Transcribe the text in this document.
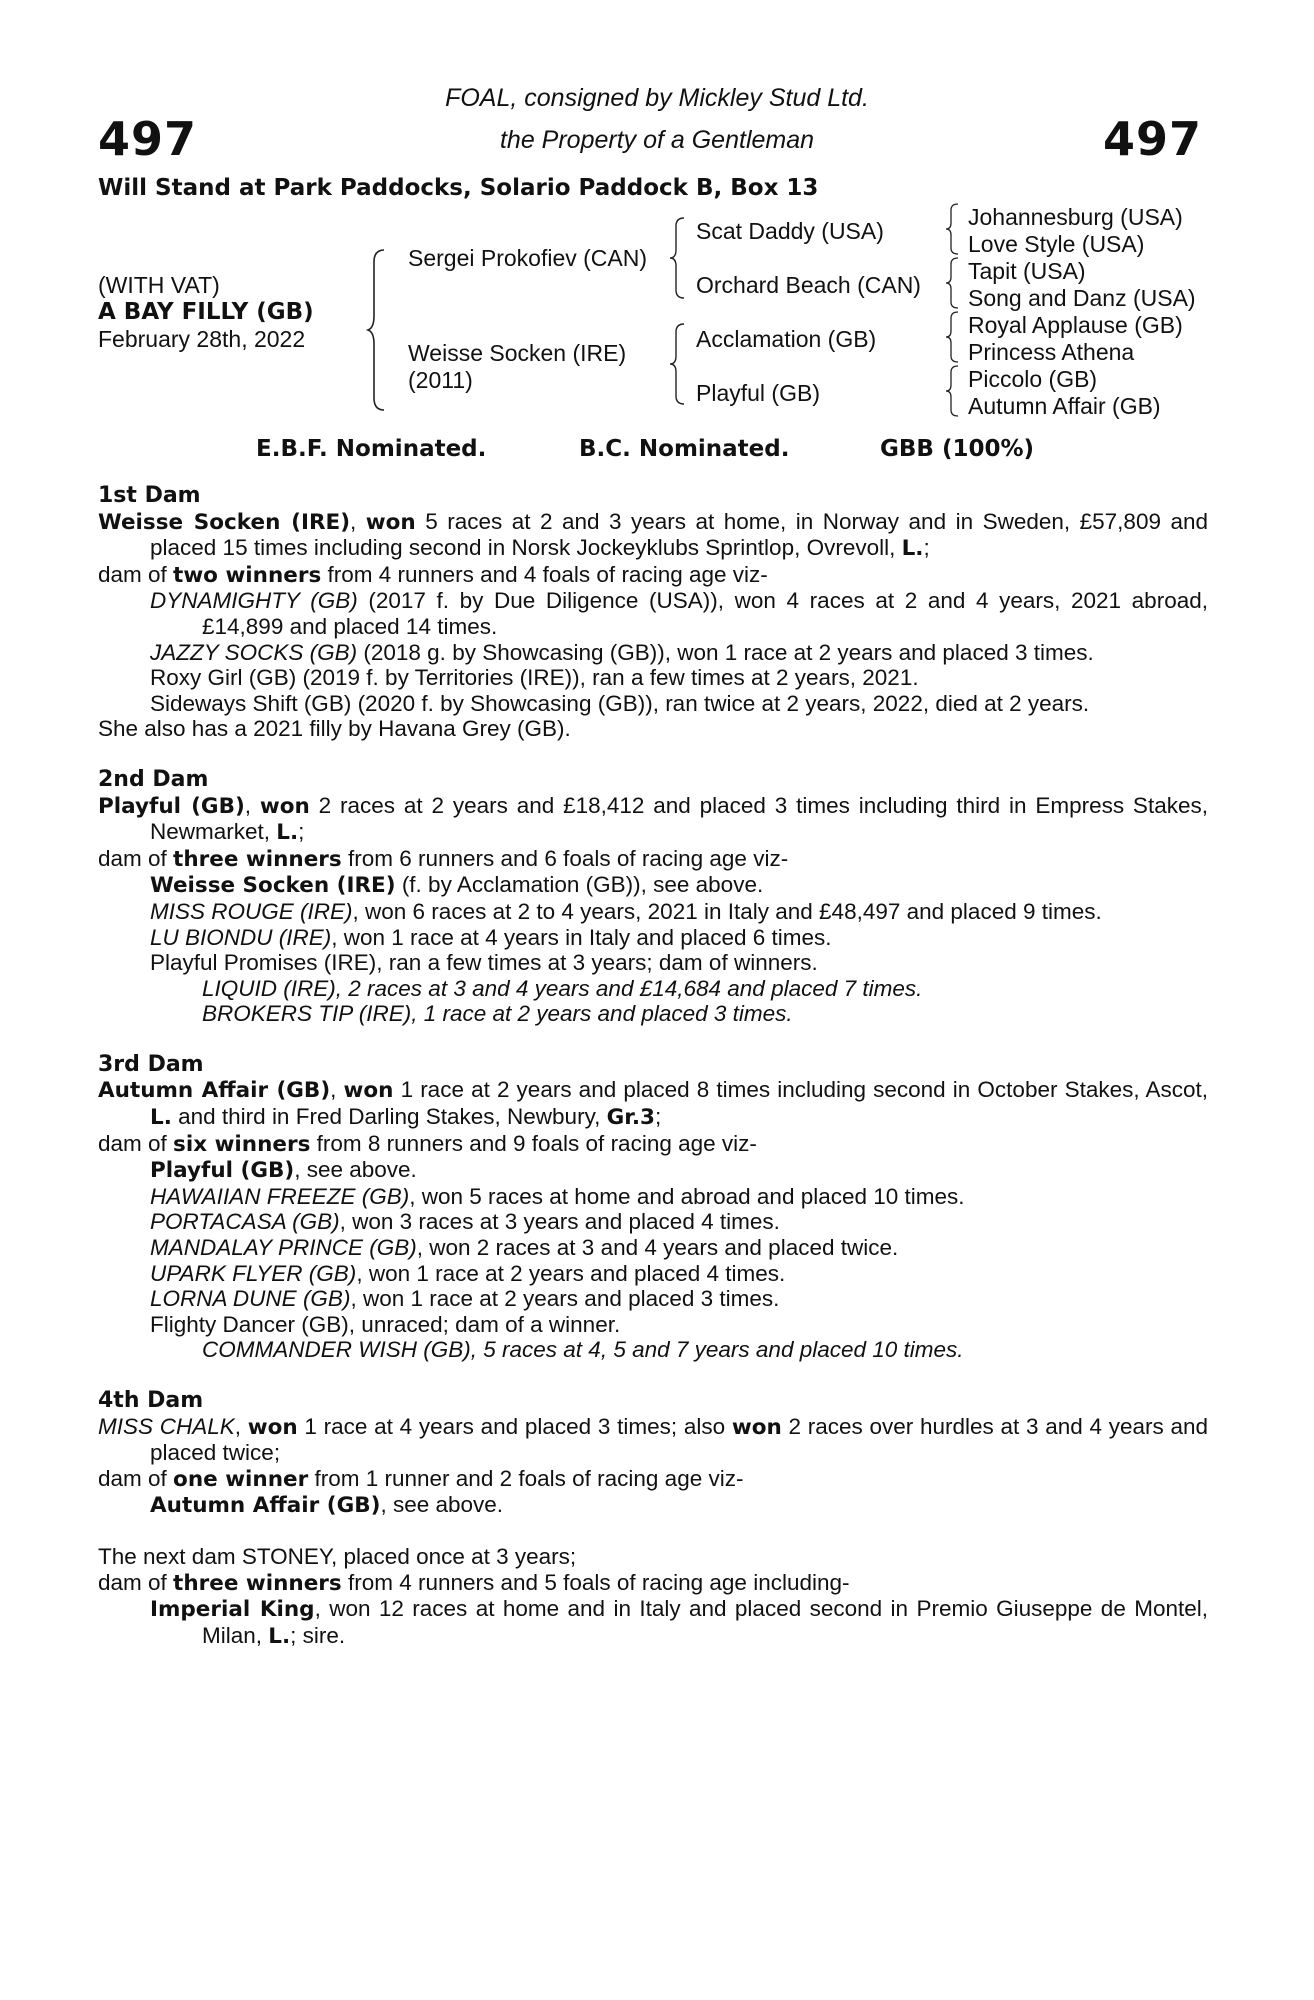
497	497
FOAL, consigned by Mickley Stud Ltd.
the Property of a Gentleman
Will Stand at Park Paddocks, Solario Paddock B, Box 13
(WITH VAT)
A BAY FILLY (GB)
February 28th, 2022
Sergei Prokofiev (CAN)
Weisse Socken (IRE)
(2011)
Scat Daddy (USA)
Orchard Beach (CAN)
Acclamation (GB)
Playful (GB)
Johannesburg (USA)
Love Style (USA)
Tapit (USA)
Song and Danz (USA)
Royal Applause (GB)
Princess Athena
Piccolo (GB)
Autumn Affair (GB)
E.B.F. Nominated.	B.C. Nominated.	GBB (100%)
1st Dam
Weisse Socken (IRE), won 5 races at 2 and 3 years at home, in Norway and in Sweden, £57,809 and placed 15 times including second in Norsk Jockeyklubs Sprintlop, Ovrevoll, L.;
dam of two winners from 4 runners and 4 foals of racing age viz-
DYNAMIGHTY (GB) (2017 f. by Due Diligence (USA)), won 4 races at 2 and 4 years, 2021 abroad, £14,899 and placed 14 times.
JAZZY SOCKS (GB) (2018 g. by Showcasing (GB)), won 1 race at 2 years and placed 3 times.
Roxy Girl (GB) (2019 f. by Territories (IRE)), ran a few times at 2 years, 2021.
Sideways Shift (GB) (2020 f. by Showcasing (GB)), ran twice at 2 years, 2022, died at 2 years.
She also has a 2021 filly by Havana Grey (GB).
2nd Dam
Playful (GB), won 2 races at 2 years and £18,412 and placed 3 times including third in Empress Stakes, Newmarket, L.;
dam of three winners from 6 runners and 6 foals of racing age viz-
Weisse Socken (IRE) (f. by Acclamation (GB)), see above.
MISS ROUGE (IRE), won 6 races at 2 to 4 years, 2021 in Italy and £48,497 and placed 9 times.
LU BIONDU (IRE), won 1 race at 4 years in Italy and placed 6 times.
Playful Promises (IRE), ran a few times at 3 years; dam of winners.
LIQUID (IRE), 2 races at 3 and 4 years and £14,684 and placed 7 times.
BROKERS TIP (IRE), 1 race at 2 years and placed 3 times.
3rd Dam
Autumn Affair (GB), won 1 race at 2 years and placed 8 times including second in October Stakes, Ascot, L. and third in Fred Darling Stakes, Newbury, Gr.3;
dam of six winners from 8 runners and 9 foals of racing age viz-
Playful (GB), see above.
HAWAIIAN FREEZE (GB), won 5 races at home and abroad and placed 10 times.
PORTACASA (GB), won 3 races at 3 years and placed 4 times.
MANDALAY PRINCE (GB), won 2 races at 3 and 4 years and placed twice.
UPARK FLYER (GB), won 1 race at 2 years and placed 4 times.
LORNA DUNE (GB), won 1 race at 2 years and placed 3 times.
Flighty Dancer (GB), unraced; dam of a winner.
COMMANDER WISH (GB), 5 races at 4, 5 and 7 years and placed 10 times.
4th Dam
MISS CHALK, won 1 race at 4 years and placed 3 times; also won 2 races over hurdles at 3 and 4 years and placed twice;
dam of one winner from 1 runner and 2 foals of racing age viz-
Autumn Affair (GB), see above.
The next dam STONEY, placed once at 3 years;
dam of three winners from 4 runners and 5 foals of racing age including-
Imperial King, won 12 races at home and in Italy and placed second in Premio Giuseppe de Montel, Milan, L.; sire.
